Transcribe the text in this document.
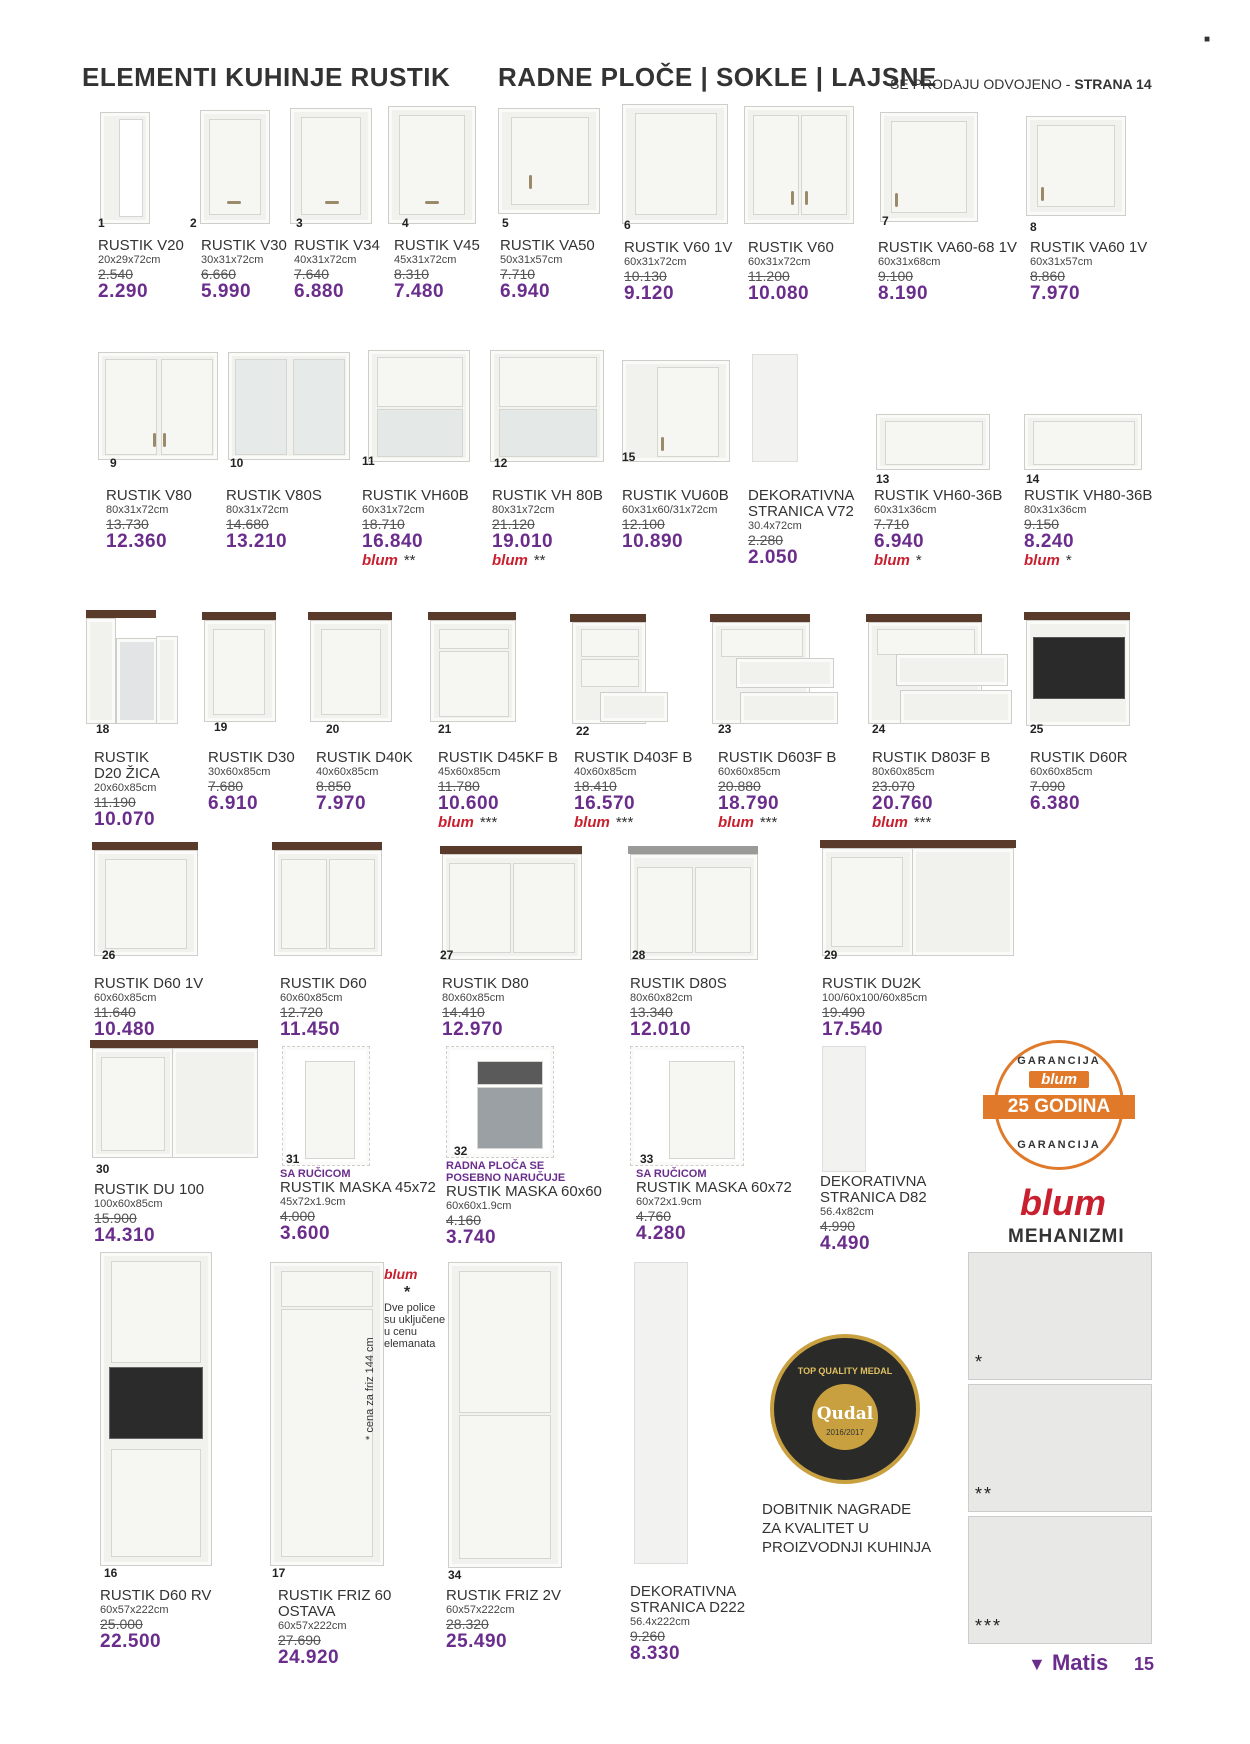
ELEMENTI KUHINJE RUSTIK RADNE PLOČE | SOKLE | LAJSNE
SE PRODAJU ODVOJENO - STRANA 14
■
1
RUSTIK V20
20x29x72cm
2.540
2.290
2
RUSTIK V30
30x31x72cm
6.660
5.990
3
RUSTIK V34
40x31x72cm
7.640
6.880
4
RUSTIK V45
45x31x72cm
8.310
7.480
5
RUSTIK VA50
50x31x57cm
7.710
6.940
6
RUSTIK V60 1V
60x31x72cm
10.130
9.120
RUSTIK V60
60x31x72cm
11.200
10.080
7
RUSTIK VA60-68 1V
60x31x68cm
9.100
8.190
8
RUSTIK VA60 1V
60x31x57cm
8.860
7.970
9
RUSTIK V80
80x31x72cm
13.730
12.360
10
RUSTIK V80S
80x31x72cm
14.680
13.210
11
RUSTIK VH60B
60x31x72cm
18.710
16.840
blum **
12
RUSTIK VH 80B
80x31x72cm
21.120
19.010
blum **
15
RUSTIK VU60B
60x31x60/31x72cm
12.100
10.890
DEKORATIVNA
STRANICA V72
30.4x72cm
2.280
2.050
13
RUSTIK VH60-36B
60x31x36cm
7.710
6.940
blum *
14
RUSTIK VH80-36B
80x31x36cm
9.150
8.240
blum *
18
RUSTIK
D20 ŽICA
20x60x85cm
11.190
10.070
19
RUSTIK D30
30x60x85cm
7.680
6.910
20
RUSTIK D40K
40x60x85cm
8.850
7.970
21
RUSTIK D45KF B
45x60x85cm
11.780
10.600
blum ***
22
RUSTIK D403F B
40x60x85cm
18.410
16.570
blum ***
23
RUSTIK D603F B
60x60x85cm
20.880
18.790
blum ***
24
RUSTIK D803F B
80x60x85cm
23.070
20.760
blum ***
25
RUSTIK D60R
60x60x85cm
7.090
6.380
26
RUSTIK D60 1V
60x60x85cm
11.640
10.480
RUSTIK D60
60x60x85cm
12.720
11.450
27
RUSTIK D80
80x60x85cm
14.410
12.970
28
RUSTIK D80S
80x60x82cm
13.340
12.010
29
RUSTIK DU2K
100/60x100/60x85cm
19.490
17.540
30
RUSTIK DU 100
100x60x85cm
15.900
14.310
31
SA RUČICOM
RUSTIK MASKA 45x72
45x72x1.9cm
4.000
3.600
32
RADNA PLOČA SE
POSEBNO NARUČUJE
RUSTIK MASKA 60x60
60x60x1.9cm
4.160
3.740
33
SA RUČICOM
RUSTIK MASKA 60x72
60x72x1.9cm
4.760
4.280
DEKORATIVNA
STRANICA D82
56.4x82cm
4.990
4.490
16
RUSTIK D60 RV
60x57x222cm
25.000
22.500
17
RUSTIK FRIZ 60
OSTAVA
60x57x222cm
27.690
24.920
34
RUSTIK FRIZ 2V
60x57x222cm
28.320
25.490
DEKORATIVNA
STRANICA D222
56.4x222cm
9.260
8.330
blum
*
Dve police
su uključene
u cenu
elemanata
* cena za friz 144 cm
GARANCIJA
blum
25 GODINA
GARANCIJA
blum
MEHANIZMI
*
**
***
TOP QUALITY MEDAL
Qudal
2016/2017
DOBITNIK NAGRADE
ZA KVALITET U
PROIZVODNJI KUHINJA
▼ Matis 15
